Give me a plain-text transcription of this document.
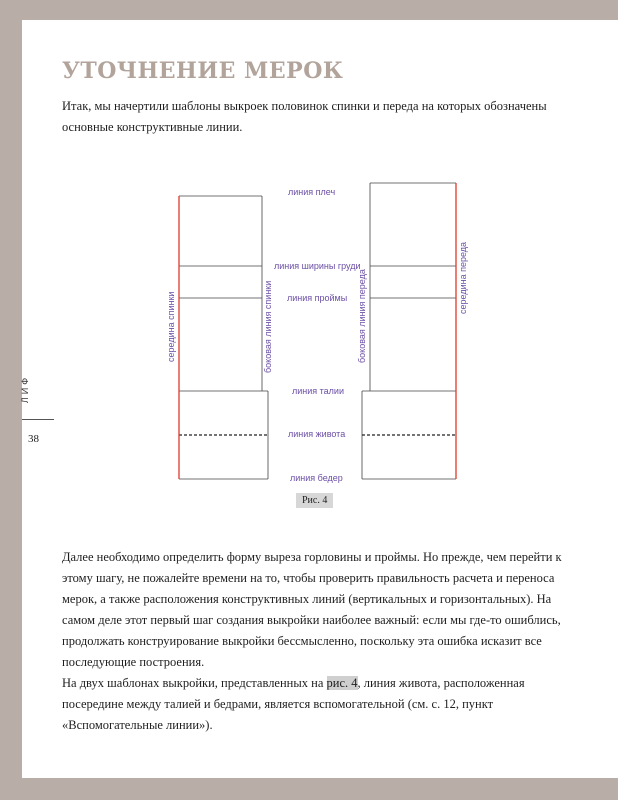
УТОЧНЕНИЕ МЕРОК
Итак, мы начертили шаблоны выкроек половинок спинки и переда на которых обозначены основные конструктивные линии.
ЛИФ
38
линия плеч
линия ширины груди
линия проймы
линия талии
линия живота
линия бедер
середина спинки	боковая линия спинки	боковая линия переда	середина переда
Рис. 4

Далее необходимо определить форму выреза горловины и проймы. Но прежде, чем перейти к этому шагу, не пожалейте времени на то, чтобы проверить правильность расчета и переноса мерок, а также расположения конструктивных линий (вертикальных и горизонтальных). На самом деле этот первый шаг создания выкройки наиболее важный: если мы где-то ошиблись, продолжать конструирование выкройки бессмысленно, поскольку эта ошибка исказит все последующие построения.

На двух шаблонах выкройки, представленных на рис. 4, линия живота, расположенная посередине между талией и бедрами, является вспомогательной (см. с. 12, пункт «Вспомогательные линии»).
